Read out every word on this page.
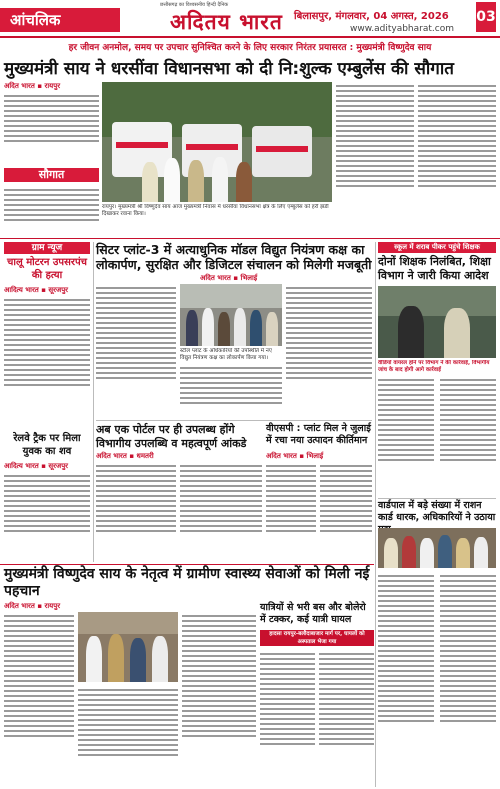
आंचलिक
छत्तीसगढ़ का विश्वसनीय हिन्दी दैनिक
अदितय भारत बिलासपुर, मंगलवार, 04 अगस्त, 2026
www.adityabharat.com
03
हर जीवन अनमोल, समय पर उपचार सुनिश्चित करने के लिए सरकार निरंतर प्रयासरत : मुख्यमंत्री विष्णुदेव साय
मुख्यमंत्री साय ने धरसींवा विधानसभा को दी नि:शुल्क एम्बुलेंस की सौगात
अदित भारत ▪ रायपुर
सौगात
रायपुर। मुख्यमंत्री श्री विष्णुदेव साय आज मुख्यमंत्री निवास में धरसींवा विधानसभा क्षेत्र के लिए एम्बुलेंस को हरी झंडी दिखाकर रवाना किया।
ग्राम न्यूज
चालू मोटरन उपसरपंच की हत्या
आदित्य भारत ▪ सूरजपुर
रेलवे ट्रैक पर मिला युवक का शव
आदित्य भारत ▪ सूरजपुर
सिटर प्लांट-3 में अत्याधुनिक मॉडल विद्युत नियंत्रण कक्ष का लोकार्पण, सुरक्षित और डिजिटल संचालन को मिलेगी मजबूती
अदित भारत ▪ भिलाई
स्टील प्लांट के अधिकारियों की उपस्थिति में नए विद्युत नियंत्रण कक्ष का लोकार्पण किया गया।
अब एक पोर्टल पर ही उपलब्ध होंगे विभागीय उपलब्धि व महत्वपूर्ण आंकडे
अदित भारत ▪ धमतरी
वीएसपी : प्लांट मिल ने जुलाई में रचा नया उत्पादन कीर्तिमान
अदित भारत ▪ भिलाई
स्कूल में शराब पीकर पहुंचे शिक्षक
दोनों शिक्षक निलंबित, शिक्षा विभाग ने जारी किया आदेश
वीडियो वायरल होने पर विभाग ने की कार्रवाई, विभागीय जांच के बाद होगी आगे कार्रवाई
वार्डपाल में बड़े संख्या में राशन कार्ड धारक, अधिकारियों ने उठाया
मुख्यमंत्री विष्णुदेव साय के नेतृत्व में ग्रामीण स्वास्थ्य सेवाओं को मिली नई पहचान
अदित भारत ▪ रायपुर	यात्रियों से भरी बस और बोलेरो में टक्कर, कई यात्री घायल
हादसा रायपुर-बलौदाबाजार मार्ग पर, घायलों को अस्पताल भेजा गया
